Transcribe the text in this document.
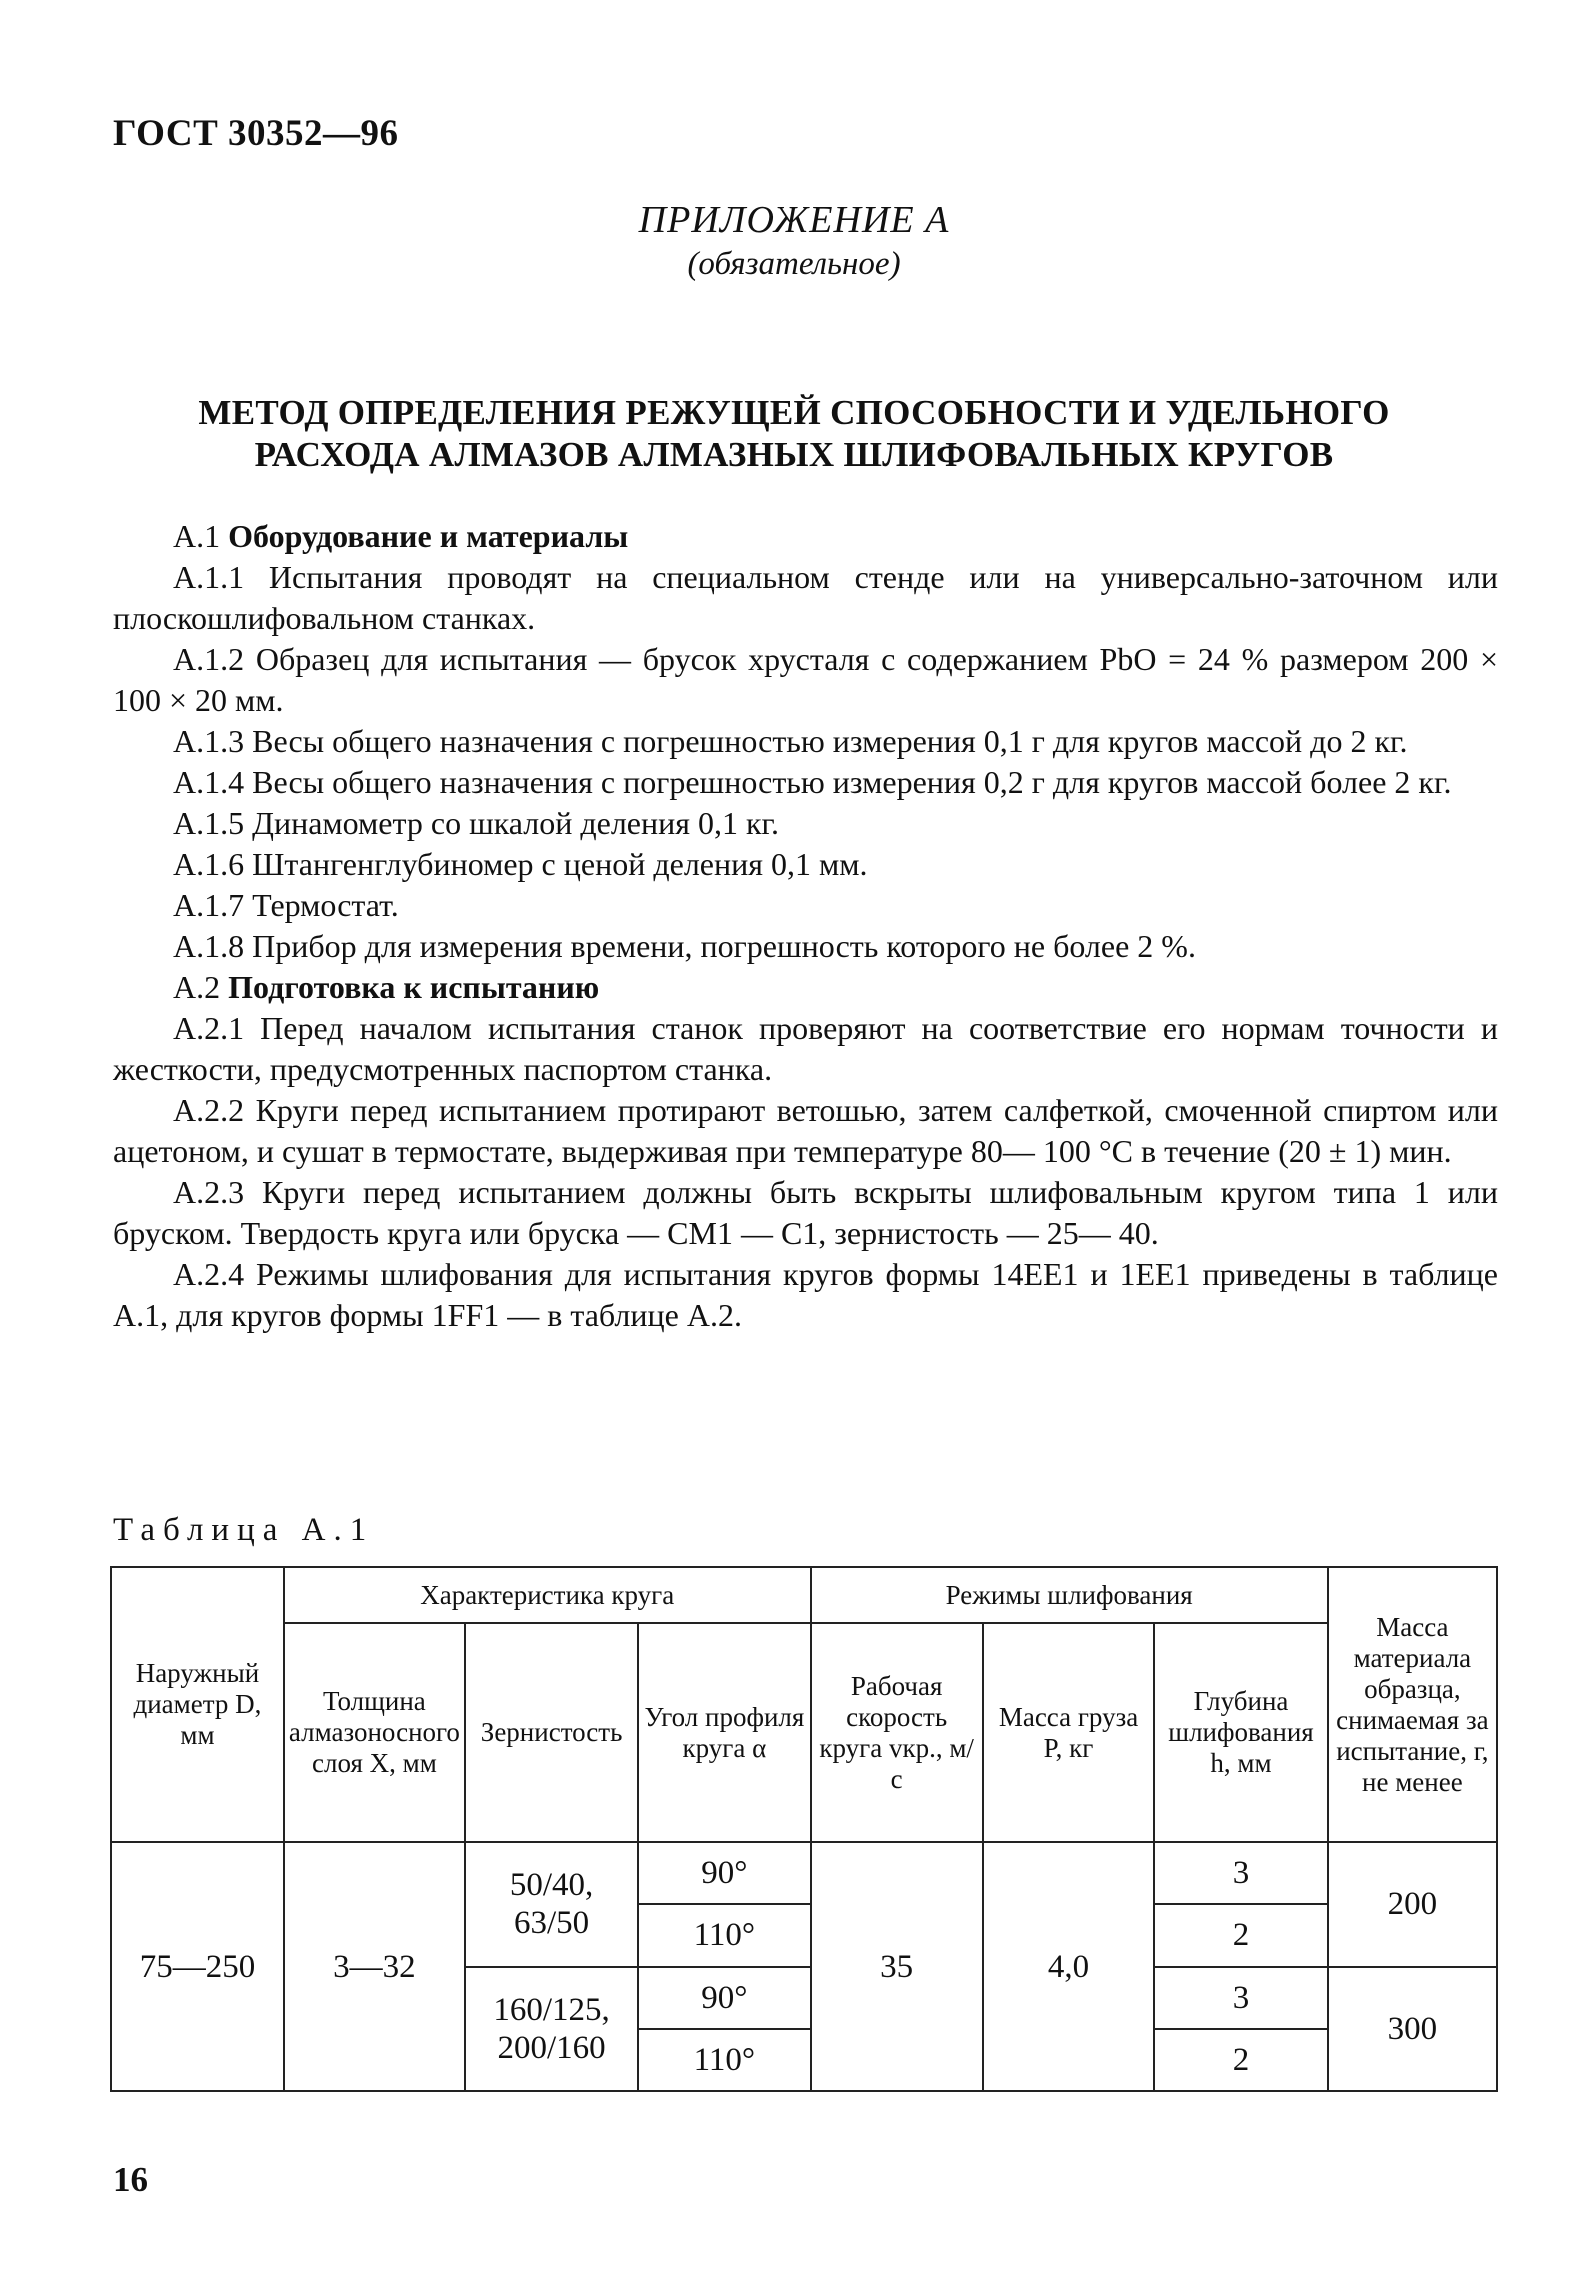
ГОСТ 30352—96
ПРИЛОЖЕНИЕ А
(обязательное)
МЕТОД ОПРЕДЕЛЕНИЯ РЕЖУЩЕЙ СПОСОБНОСТИ И УДЕЛЬНОГО
РАСХОДА АЛМАЗОВ АЛМАЗНЫХ ШЛИФОВАЛЬНЫХ КРУГОВ

А.1 Оборудование и материалы

А.1.1 Испытания проводят на специальном стенде или на универсально-заточном или плоскошлифовальном станках.

А.1.2 Образец для испытания — брусок хрусталя с содержанием PbO = 24 % размером 200 × 100 × 20 мм.

А.1.3 Весы общего назначения с погрешностью измерения 0,1 г для кругов массой до 2 кг.

А.1.4 Весы общего назначения с погрешностью измерения 0,2 г для кругов массой более 2 кг.

А.1.5 Динамометр со шкалой деления 0,1 кг.

А.1.6 Штангенглубиномер с ценой деления 0,1 мм.

А.1.7 Термостат.

А.1.8 Прибор для измерения времени, погрешность которого не более 2 %.

А.2 Подготовка к испытанию

А.2.1 Перед началом испытания станок проверяют на соответствие его нормам точности и жесткости, предусмотренных паспортом станка.

А.2.2 Круги перед испытанием протирают ветошью, затем салфеткой, смоченной спиртом или ацетоном, и сушат в термостате, выдерживая при температуре 80— 100 °С в течение (20 ± 1) мин.

А.2.3 Круги перед испытанием должны быть вскрыты шлифовальным кругом типа 1 или бруском. Твердость круга или бруска — СМ1 — С1, зернистость — 25— 40.

А.2.4 Режимы шлифования для испытания кругов формы 14ЕЕ1 и 1ЕЕ1 приведены в таблице А.1, для кругов формы 1FF1 — в таблице А.2.

Таблица А.1
Наружный диаметр D, мм	Характеристика круга			Режимы шлифования			Масса материала образца, снимаемая за испытание, г, не менее
	Толщина алмазоносного слоя X, мм	Зернистость	Угол профиля круга α	Рабочая скорость круга vкр., м/с	Масса груза P, кг	Глубина шлифования h, мм	
75—250	3—32	50/40, 63/50	90°	35	4,0	3	200
			110°			2	
		160/125, 200/160	90°			3	300
			110°			2	
16
